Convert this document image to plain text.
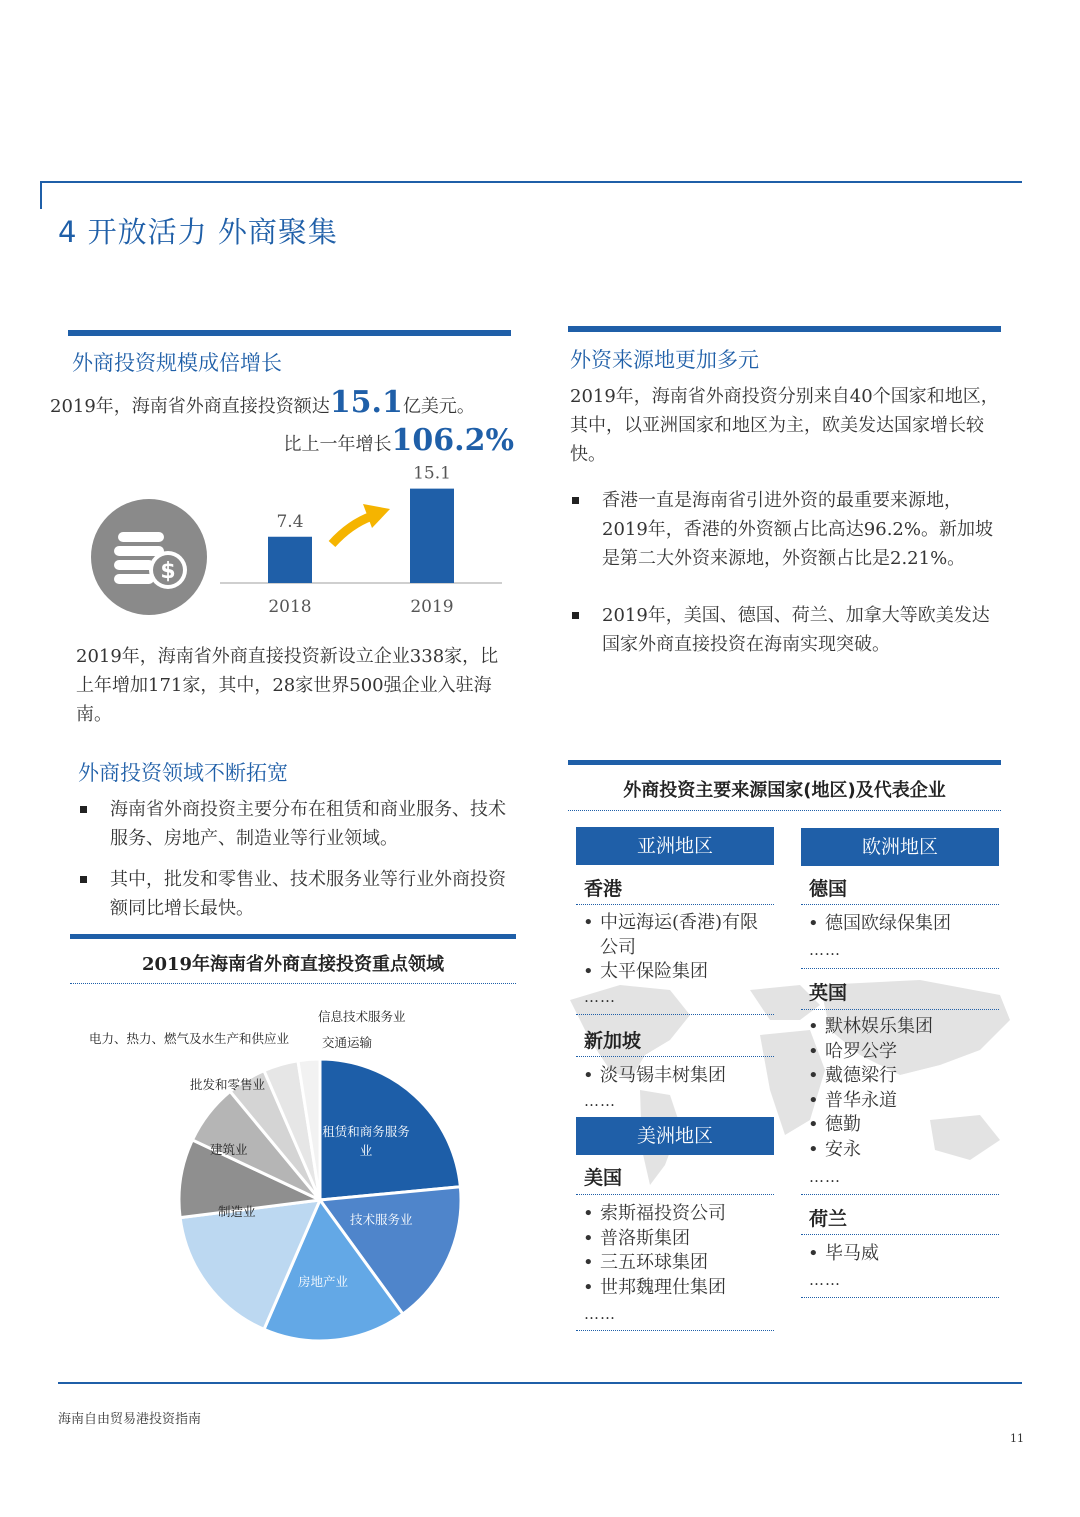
4 开放活力 外商聚集
外商投资规模成倍增长
2019年，海南省外商直接投资额达15.1亿美元。
比上一年增长106.2%
$
7.4
2018
15.1
2019
2019年，海南省外商直接投资新设立企业338家，比上年增加171家，其中，28家世界500强企业入驻海南。
外商投资领域不断拓宽
海南省外商投资主要分布在租赁和商业服务、技术服务、房地产、制造业等行业领域。
其中，批发和零售业、技术服务业等行业外商投资额同比增长最快。
2019年海南省外商直接投资重点领域
信息技术服务业
交通运输
电力、热力、燃气及水生产和供应业
批发和零售业
建筑业
制造业
房地产业
技术服务业
租赁和商务服务业
外资来源地更加多元
2019年，海南省外商投资分别来自40个国家和地区，其中，以亚洲国家和地区为主，欧美发达国家增长较快。
香港一直是海南省引进外资的最重要来源地，2019年，香港的外资额占比高达96.2%。新加坡是第二大外资来源地，外资额占比是2.21%。
2019年，美国、德国、荷兰、加拿大等欧美发达国家外商直接投资在海南实现突破。
外商投资主要来源国家(地区)及代表企业
亚洲地区
香港
• 中远海运(香港)有限公司
• 太平保险集团
……
新加坡
• 淡马锡丰树集团
……
美洲地区
美国
• 索斯福投资公司
• 普洛斯集团
• 三五环球集团
• 世邦魏理仕集团
……
欧洲地区
德国
• 德国欧绿保集团
……
英国
• 默林娱乐集团
• 哈罗公学
• 戴德梁行
• 普华永道
• 德勤
• 安永
……
荷兰
• 毕马威
……
海南自由贸易港投资指南
11
